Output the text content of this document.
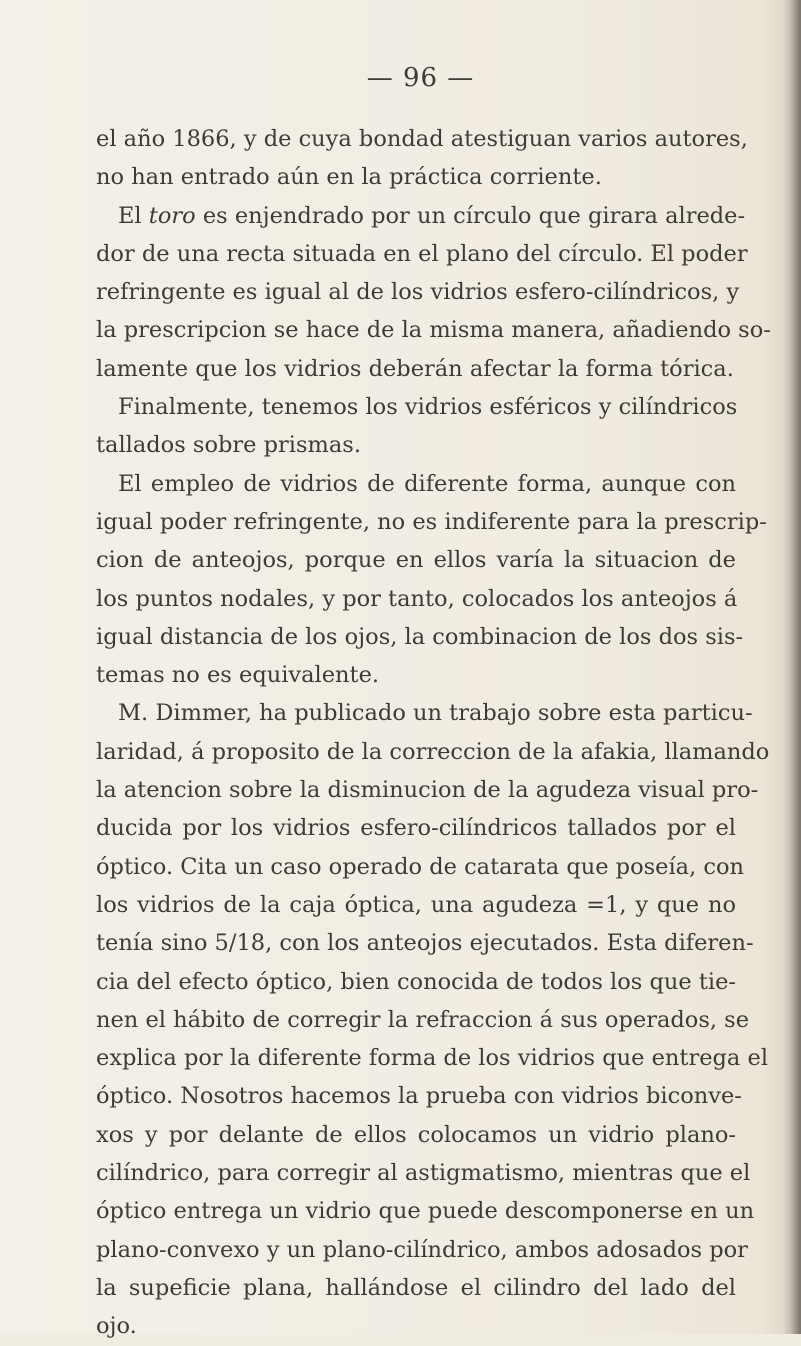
— 96 —
el año 1866, y de cuya bondad atestiguan varios autores,
no han entrado aún en la práctica corriente.
El toro es enjendrado por un círculo que girara alrede-
dor de una recta situada en el plano del círculo. El poder
refringente es igual al de los vidrios esfero-cilíndricos, y
la prescripcion se hace de la misma manera, añadiendo so-
lamente que los vidrios deberán afectar la forma tórica.
Finalmente, tenemos los vidrios esféricos y cilíndricos
tallados sobre prismas.
El empleo de vidrios de diferente forma, aunque con
igual poder refringente, no es indiferente para la prescrip-
cion de anteojos, porque en ellos varía la situacion de
los puntos nodales, y por tanto, colocados los anteojos á
igual distancia de los ojos, la combinacion de los dos sis-
temas no es equivalente.
M. Dimmer, ha publicado un trabajo sobre esta particu-
laridad, á proposito de la correccion de la afakia, llamando
la atencion sobre la disminucion de la agudeza visual pro-
ducida por los vidrios esfero-cilíndricos tallados por el
óptico. Cita un caso operado de catarata que poseía, con
los vidrios de la caja óptica, una agudeza =1, y que no
tenía sino 5/18, con los anteojos ejecutados. Esta diferen-
cia del efecto óptico, bien conocida de todos los que tie-
nen el hábito de corregir la refraccion á sus operados, se
explica por la diferente forma de los vidrios que entrega el
óptico. Nosotros hacemos la prueba con vidrios biconve-
xos y por delante de ellos colocamos un vidrio plano-
cilíndrico, para corregir al astigmatismo, mientras que el
óptico entrega un vidrio que puede descomponerse en un
plano-convexo y un plano-cilíndrico, ambos adosados por
la supeficie plana, hallándose el cilindro del lado del
ojo.
